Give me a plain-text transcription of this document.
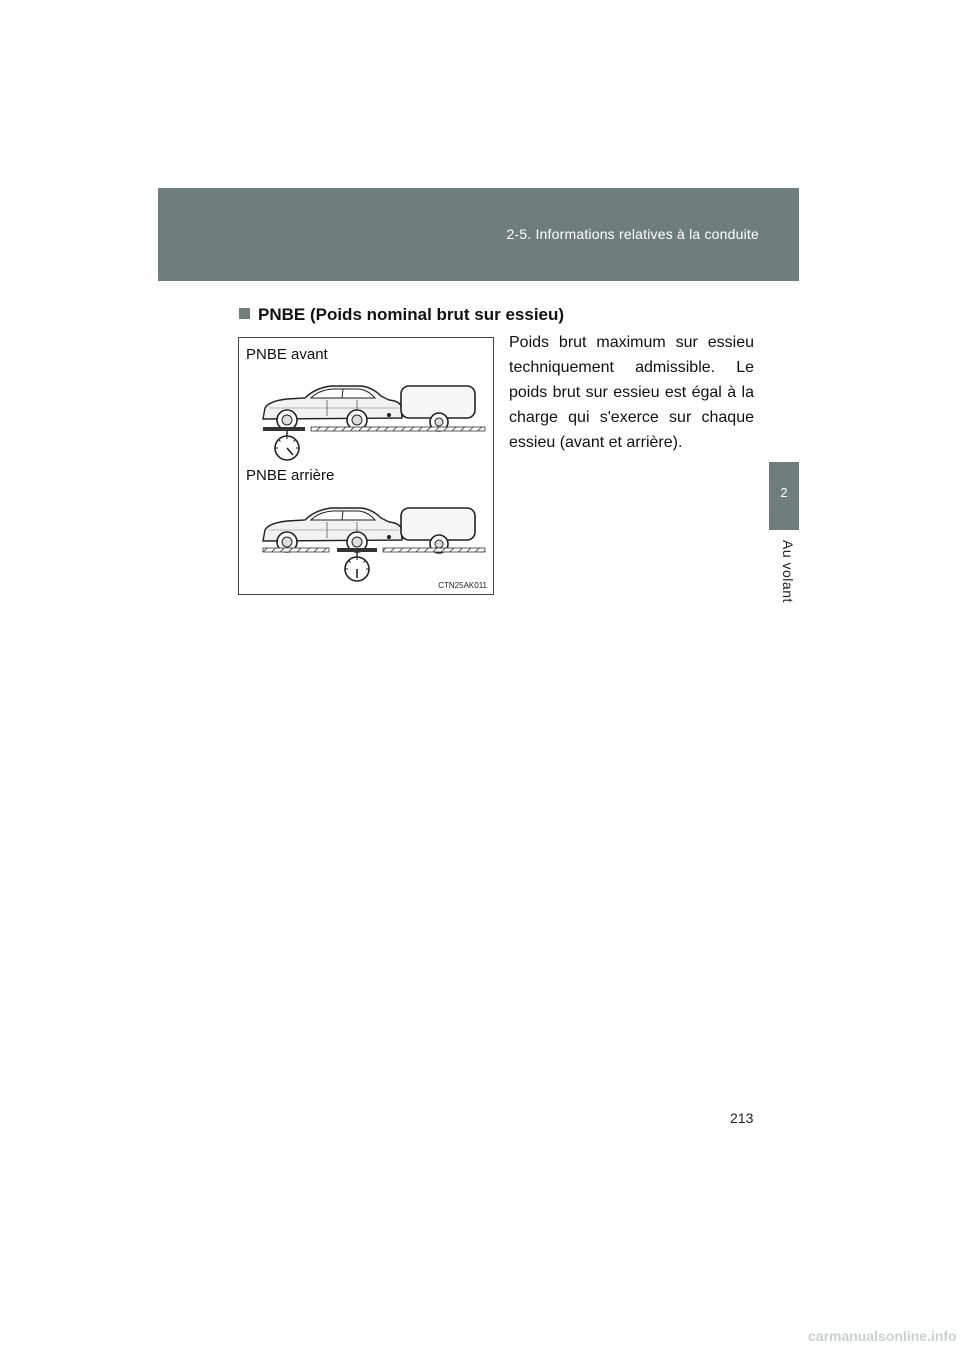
2-5. Informations relatives à la conduite
2
Au volant
PNBE (Poids nominal brut sur essieu)
PNBE avant
PNBE arrière
CTN25AK011
Poids brut maximum sur essieu techniquement admissible. Le poids brut sur essieu est égal à la charge qui s'exerce sur chaque essieu (avant et arrière).
213
carmanualsonline.info
